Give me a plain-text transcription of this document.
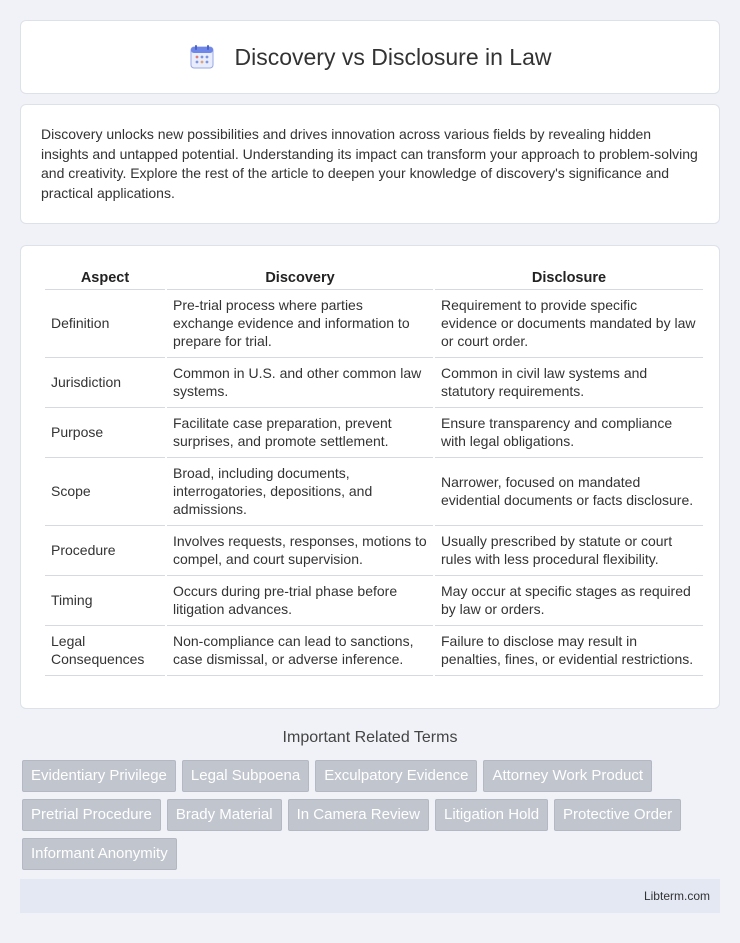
Discovery vs Disclosure in Law

Discovery unlocks new possibilities and drives innovation across various fields by revealing hidden insights and untapped potential. Understanding its impact can transform your approach to problem-solving and creativity. Explore the rest of the article to deepen your knowledge of discovery's significance and practical applications.

Aspect	Discovery	Disclosure
Definition	Pre-trial process where parties exchange evidence and information to prepare for trial.	Requirement to provide specific evidence or documents mandated by law or court order.
Jurisdiction	Common in U.S. and other common law systems.	Common in civil law systems and statutory requirements.
Purpose	Facilitate case preparation, prevent surprises, and promote settlement.	Ensure transparency and compliance with legal obligations.
Scope	Broad, including documents, interrogatories, depositions, and admissions.	Narrower, focused on mandated evidential documents or facts disclosure.
Procedure	Involves requests, responses, motions to compel, and court supervision.	Usually prescribed by statute or court rules with less procedural flexibility.
Timing	Occurs during pre-trial phase before litigation advances.	May occur at specific stages as required by law or orders.
Legal Consequences	Non-compliance can lead to sanctions, case dismissal, or adverse inference.	Failure to disclose may result in penalties, fines, or evidential restrictions.
Important Related Terms
Evidentiary Privilege	Legal Subpoena	Exculpatory Evidence	Attorney Work Product
Pretrial Procedure	Brady Material	In Camera Review	Litigation Hold	Protective Order
Informant Anonymity
Libterm.com
